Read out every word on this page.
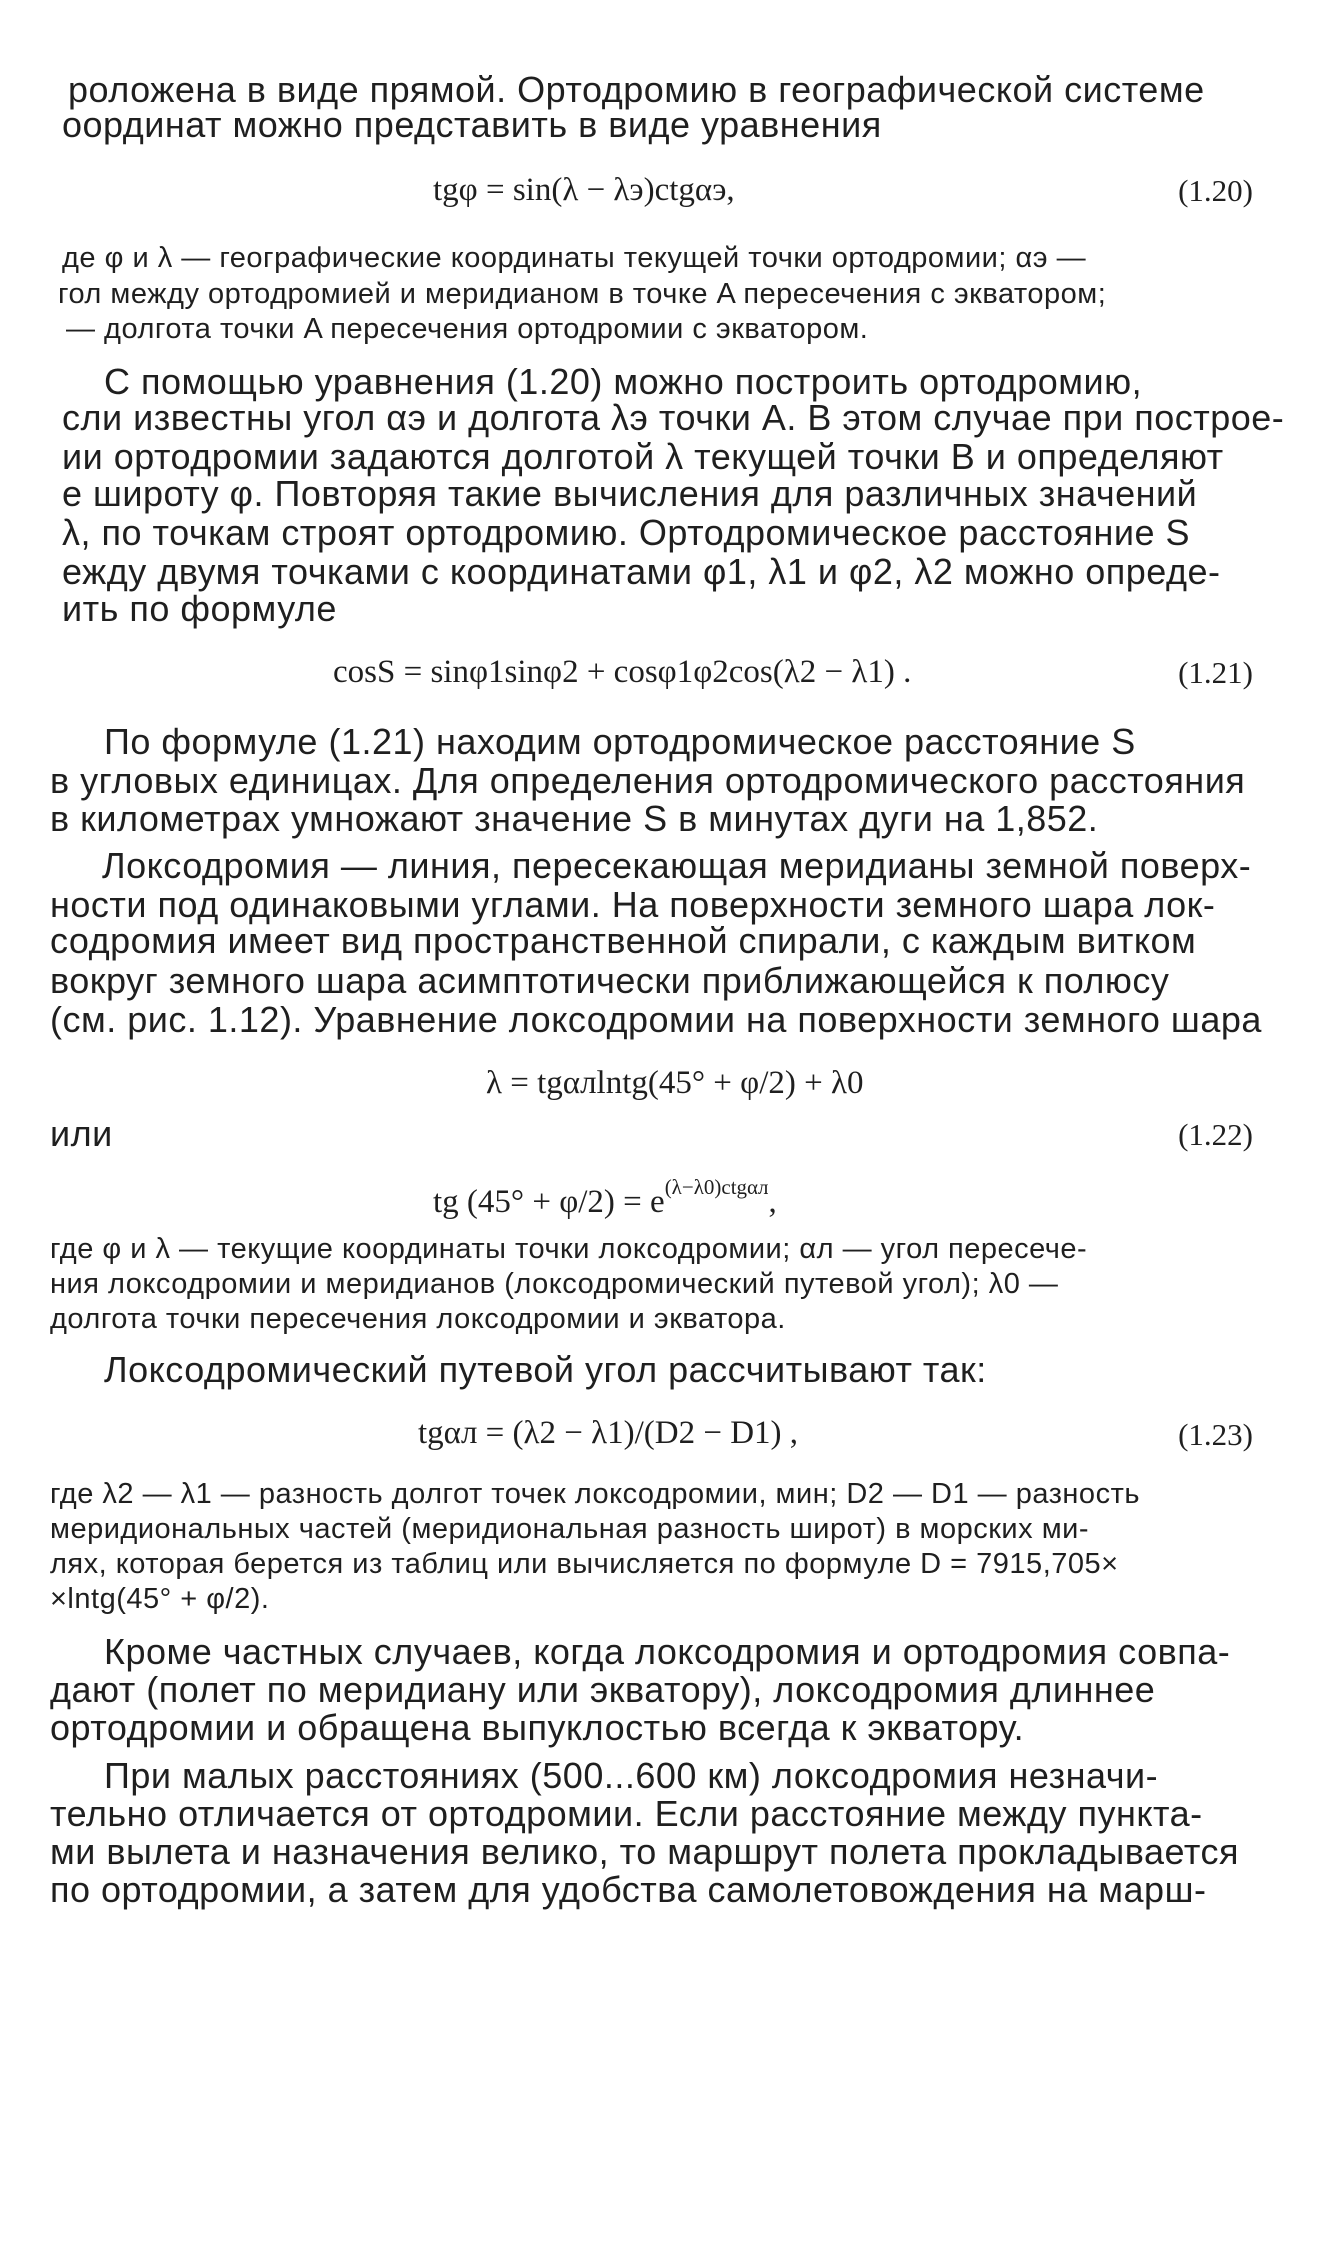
роложена в виде прямой. Ортодромию в географической системе

оординат можно представить в виде уравнения

tgφ = sin(λ − λэ)ctgαэ,	(1.20)

де φ и λ — географические координаты текущей точки ортодромии; αэ —

гол между ортодромией и меридианом в точке A пересечения с экватором;

— долгота точки A пересечения ортодромии с экватором.

С помощью уравнения (1.20) можно построить ортодромию,

сли известны угол αэ и долгота λэ точки A. В этом случае при построе-

ии ортодромии задаются долготой λ текущей точки B и определяют

е широту φ. Повторяя такие вычисления для различных значений

λ, по точкам строят ортодромию. Ортодромическое расстояние S

ежду двумя точками с координатами φ1, λ1 и φ2, λ2 можно опреде-

ить по формуле

cosS = sinφ1sinφ2 + cosφ1φ2cos(λ2 − λ1) .	(1.21)

По формуле (1.21) находим ортодромическое расстояние S

в угловых единицах. Для определения ортодромического расстояния

в километрах умножают значение S в минутах дуги на 1,852.

Локсодромия — линия, пересекающая меридианы земной поверх-

ности под одинаковыми углами. На поверхности земного шара лок-

содромия имеет вид пространственной спирали, с каждым витком

вокруг земного шара асимптотически приближающейся к полюсу

(см. рис. 1.12). Уравнение локсодромии на поверхности земного шара

λ = tgαлlntg(45° + φ/2) + λ0

или	(1.22)
tg $(45^\circ + \varphi/2) = e^{(\lambda-\lambda 0)ctg\alpha л}$,

где φ и λ — текущие координаты точки локсодромии; αл — угол пересече-

ния локсодромии и меридианов (локсодромический путевой угол); λ0 —

долгота точки пересечения локсодромии и экватора.

Локсодромический путевой угол рассчитывают так:

tgαл = (λ2 − λ1)/(D2 − D1) ,	(1.23)

где λ2 — λ1 — разность долгот точек локсодромии, мин; D2 — D1 — разность

меридиональных частей (меридиональная разность широт) в морских ми-

лях, которая берется из таблиц или вычисляется по формуле D = 7915,705×

×lntg(45° + φ/2).

Кроме частных случаев, когда локсодромия и ортодромия совпа-

дают (полет по меридиану или экватору), локсодромия длиннее

ортодромии и обращена выпуклостью всегда к экватору.

При малых расстояниях (500...600 км) локсодромия незначи-

тельно отличается от ортодромии. Если расстояние между пункта-

ми вылета и назначения велико, то маршрут полета прокладывается

по ортодромии, а затем для удобства самолетовождения на марш-
